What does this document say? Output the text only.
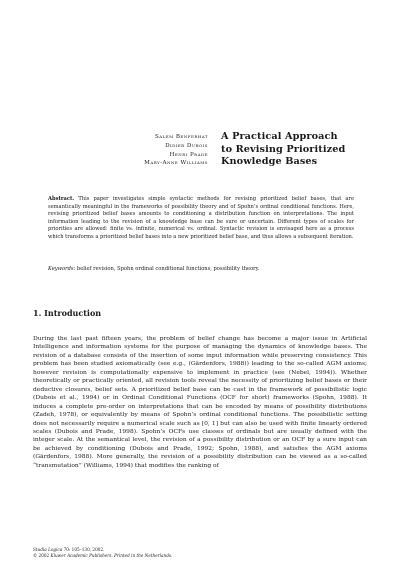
Salem Benferhat
Didier Dubois
Henri Prade
Mary-Anne Williams
A Practical Approach
to Revising Prioritized
Knowledge Bases
Abstract. This paper investigates simple syntactic methods for revising prioritized belief bases, that are semantically meaningful in the frameworks of possibility theory and of Spohn’s ordinal conditional functions. Here, revising prioritized belief bases amounts to conditioning a distribution function on interpretations. The input information leading to the revision of a knowledge base can be sure or uncertain. Different types of scales for priorities are allowed: finite vs. infinite, numerical vs. ordinal. Syntactic revision is envisaged here as a process which transforms a prioritized belief bases into a new prioritized belief base, and thus allows a subsequent iteration.
Keywords: belief revision, Spohn ordinal conditional functions, possibility theory.
1. Introduction
During the last past fifteen years, the problem of belief change has become a major issue in Artificial Intelligence and information systems for the purpose of managing the dynamics of knowledge bases. The revision of a database consists of the insertion of some input information while preserving consistency. This problem has been studied axiomatically (see e.g., (Gärdenfors, 1988)) leading to the so-called AGM axioms; however revision is computationally expensive to implement in practice (see (Nebel, 1994)). Whether theoretically or practically oriented, all revision tools reveal the necessity of prioritizing belief bases or their deductive closures, belief sets. A prioritized belief base can be cast in the framework of possibilistic logic (Dubois et al., 1994) or in Ordinal Conditional Functions (OCF for short) frameworks (Spohn, 1988). It induces a complete pre-order on interpretations that can be encoded by means of possibility distributions (Zadeh, 1978), or equivalently by means of Spohn’s ordinal conditional functions. The possibilistic setting does not necessarily require a numerical scale such as [0, 1] but can also be used with finite linearly ordered scales (Dubois and Prade, 1998). Spohn’s OCFs use classes of ordinals but are usually defined with the integer scale. At the semantical level, the revision of a possibility distribution or an OCF by a sure input can be achieved by conditioning (Dubois and Prade, 1992; Spohn, 1988), and satisfies the AGM axioms (Gärdenfors, 1988). More generally, the revision of a possibility distribution can be viewed as a so-called “transmutation” (Williams, 1994) that modifies the ranking of
Studia Logica 70: 105–130, 2002.
© 2002 Kluwer Academic Publishers. Printed in the Netherlands.
